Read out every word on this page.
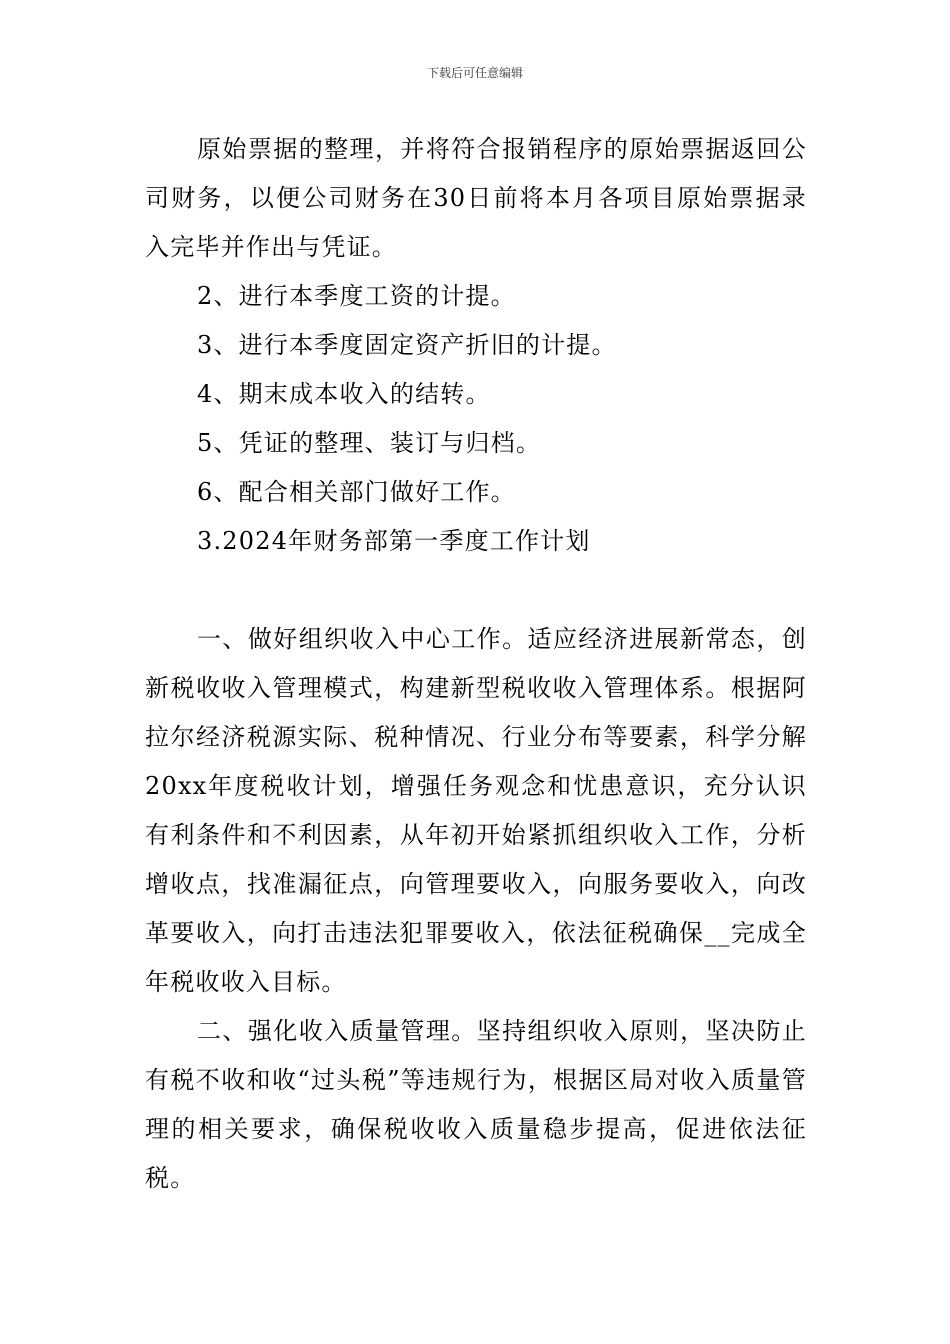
下载后可任意编辑

原始票据的整理，并将符合报销程序的原始票据返回公司财务，以便公司财务在30日前将本月各项目原始票据录入完毕并作出与凭证。

2、进行本季度工资的计提。

3、进行本季度固定资产折旧的计提。

4、期末成本收入的结转。

5、凭证的整理、装订与归档。

6、配合相关部门做好工作。

3.2024年财务部第一季度工作计划

一、做好组织收入中心工作。适应经济进展新常态，创新税收收入管理模式，构建新型税收收入管理体系。根据阿拉尔经济税源实际、税种情况、行业分布等要素，科学分解20xx年度税收计划，增强任务观念和忧患意识，充分认识有利条件和不利因素，从年初开始紧抓组织收入工作，分析增收点，找准漏征点，向管理要收入，向服务要收入，向改革要收入，向打击违法犯罪要收入，依法征税确保__完成全年税收收入目标。

二、强化收入质量管理。坚持组织收入原则，坚决防止有税不收和收“过头税”等违规行为，根据区局对收入质量管理的相关要求，确保税收收入质量稳步提高，促进依法征税。
